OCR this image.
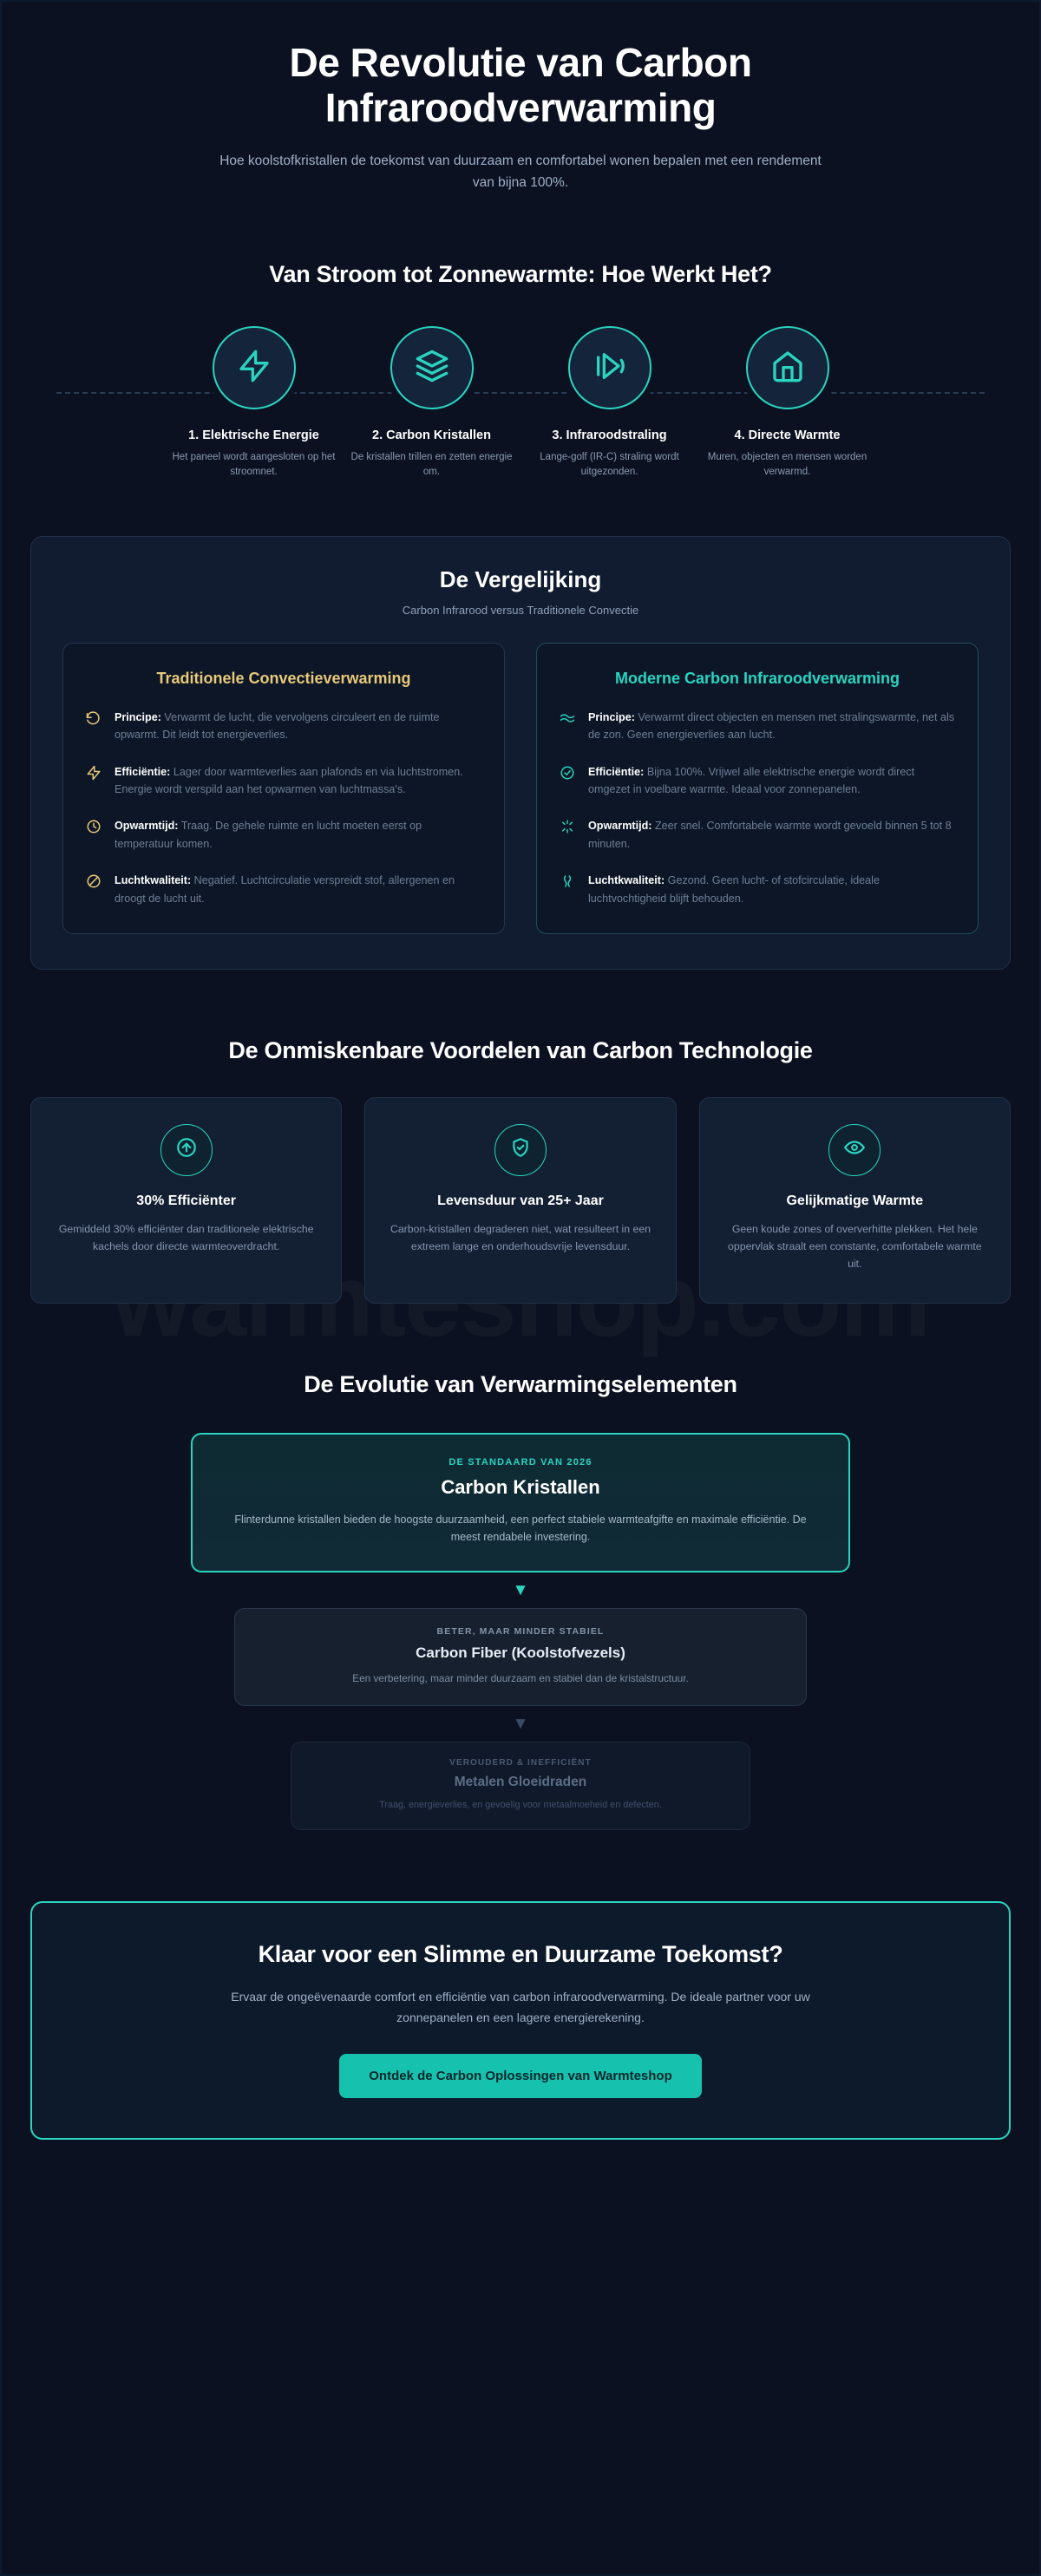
De Revolutie van Carbon Infraroodverwarming

Hoe koolstofkristallen de toekomst van duurzaam en comfortabel wonen bepalen met een rendement van bijna 100%.

Van Stroom tot Zonnewarmte: Hoe Werkt Het?
1. Elektrische Energie
Het paneel wordt aangesloten op het stroomnet.
2. Carbon Kristallen
De kristallen trillen en zetten energie om.
3. Infraroodstraling
Lange-golf (IR-C) straling wordt uitgezonden.
4. Directe Warmte
Muren, objecten en mensen worden verwarmd.
De Vergelijking
Carbon Infrarood versus Traditionele Convectie
Traditionele Convectieverwarming
Principe: Verwarmt de lucht, die vervolgens circuleert en de ruimte opwarmt. Dit leidt tot energieverlies.
Efficiëntie: Lager door warmteverlies aan plafonds en via luchtstromen. Energie wordt verspild aan het opwarmen van luchtmassa's.
Opwarmtijd: Traag. De gehele ruimte en lucht moeten eerst op temperatuur komen.
Luchtkwaliteit: Negatief. Luchtcirculatie verspreidt stof, allergenen en droogt de lucht uit.
Moderne Carbon Infraroodverwarming
Principe: Verwarmt direct objecten en mensen met stralingswarmte, net als de zon. Geen energieverlies aan lucht.
Efficiëntie: Bijna 100%. Vrijwel alle elektrische energie wordt direct omgezet in voelbare warmte. Ideaal voor zonnepanelen.
Opwarmtijd: Zeer snel. Comfortabele warmte wordt gevoeld binnen 5 tot 8 minuten.
Luchtkwaliteit: Gezond. Geen lucht- of stofcirculatie, ideale luchtvochtigheid blijft behouden.
De Onmiskenbare Voordelen van Carbon Technologie
30% Efficiënter

Gemiddeld 30% efficiënter dan traditionele elektrische kachels door directe warmteoverdracht.

Levensduur van 25+ Jaar

Carbon-kristallen degraderen niet, wat resulteert in een extreem lange en onderhoudsvrije levensduur.

Gelijkmatige Warmte

Geen koude zones of oververhitte plekken. Het hele oppervlak straalt een constante, comfortabele warmte uit.

De Evolutie van Verwarmingselementen
DE STANDAARD VAN 2026
Carbon Kristallen
Flinterdunne kristallen bieden de hoogste duurzaamheid, een perfect stabiele warmteafgifte en maximale efficiëntie. De meest rendabele investering.
▼
BETER, MAAR MINDER STABIEL
Carbon Fiber (Koolstofvezels)
Een verbetering, maar minder duurzaam en stabiel dan de kristalstructuur.
▼
VEROUDERD & INEFFICIËNT
Metalen Gloeidraden
Traag, energieverlies, en gevoelig voor metaalmoeheid en defecten.
Klaar voor een Slimme en Duurzame Toekomst?

Ervaar de ongeëvenaarde comfort en efficiëntie van carbon infraroodverwarming. De ideale partner voor uw zonnepanelen en een lagere energierekening.

Ontdek de Carbon Oplossingen van Warmteshop
